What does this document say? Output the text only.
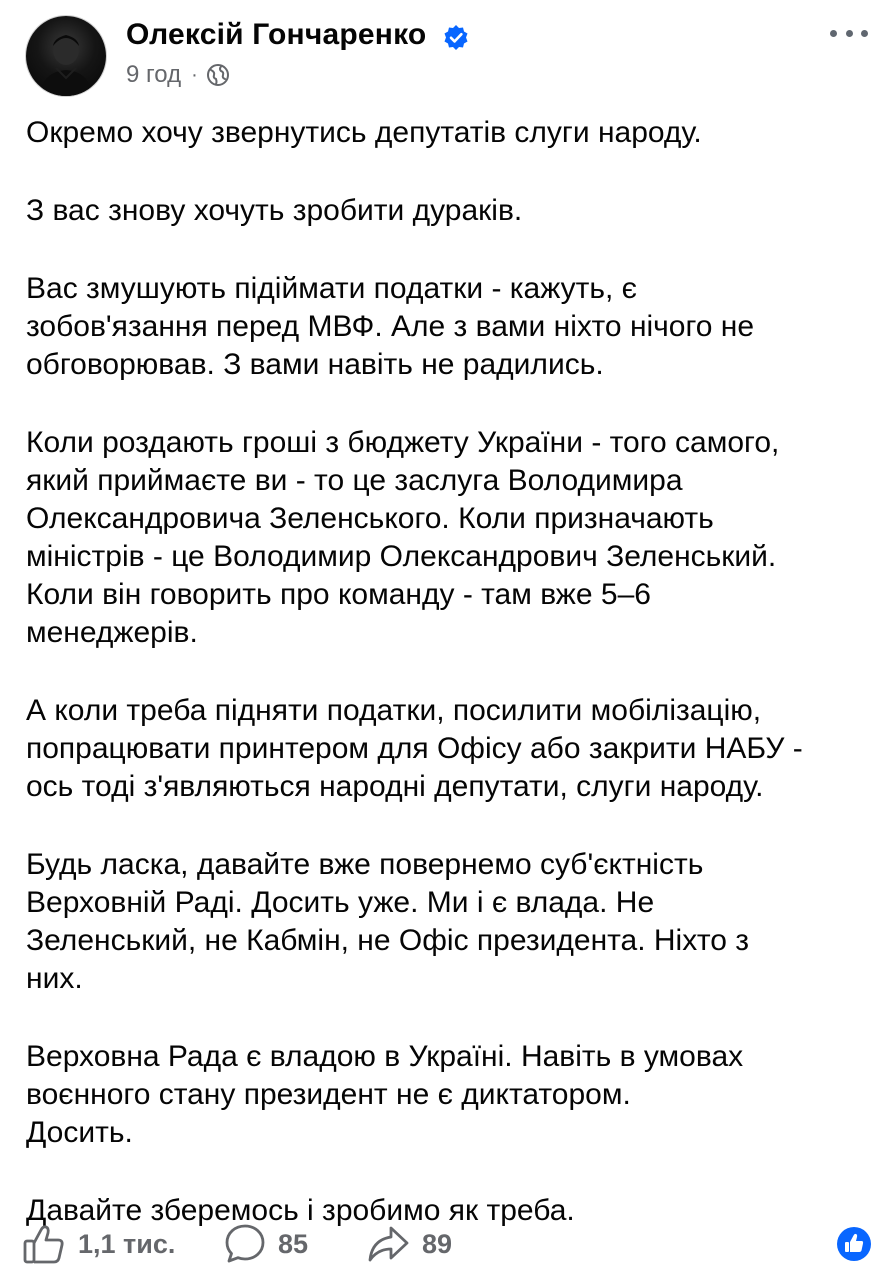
Олексій Гончаренко
9 год ·

Окремо хочу звернутись депутатів слуги народу.

З вас знову хочуть зробити дураків.

Вас змушують підіймати податки - кажуть, є
зобов'язання перед МВФ. Але з вами ніхто нічого не
обговорював. З вами навіть не радились.

Коли роздають гроші з бюджету України - того самого,
який приймаєте ви - то це заслуга Володимира
Олександровича Зеленського. Коли призначають
міністрів - це Володимир Олександрович Зеленський.
Коли він говорить про команду - там вже 5–6
менеджерів.

А коли треба підняти податки, посилити мобілізацію,
попрацювати принтером для Офісу або закрити НАБУ -
ось тоді з'являються народні депутати, слуги народу.

Будь ласка, давайте вже повернемо суб'єктність
Верховній Раді. Досить уже. Ми і є влада. Не
Зеленський, не Кабмін, не Офіс президента. Ніхто з
них.

Верховна Рада є владою в Україні. Навіть в умовах
воєнного стану президент не є диктатором.
Досить.

Давайте зберемось і зробимо як треба.

1,1 тис.	85	89
